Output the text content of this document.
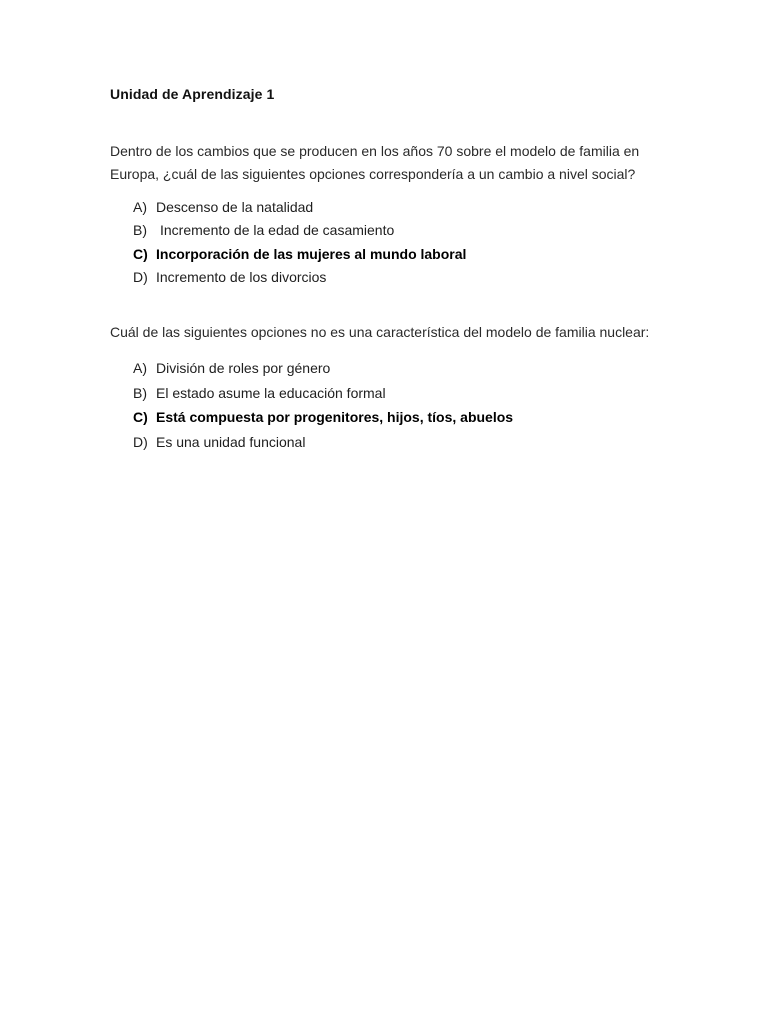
Unidad de Aprendizaje 1
Dentro de los cambios que se producen en los años 70 sobre el modelo de familia en Europa, ¿cuál de las siguientes opciones correspondería a un cambio a nivel social?
A) Descenso de la natalidad
B) Incremento de la edad de casamiento
C) Incorporación de las mujeres al mundo laboral
D) Incremento de los divorcios
Cuál de las siguientes opciones no es una característica del modelo de familia nuclear:
A) División de roles por género
B) El estado asume la educación formal
C) Está compuesta por progenitores, hijos, tíos, abuelos
D) Es una unidad funcional
